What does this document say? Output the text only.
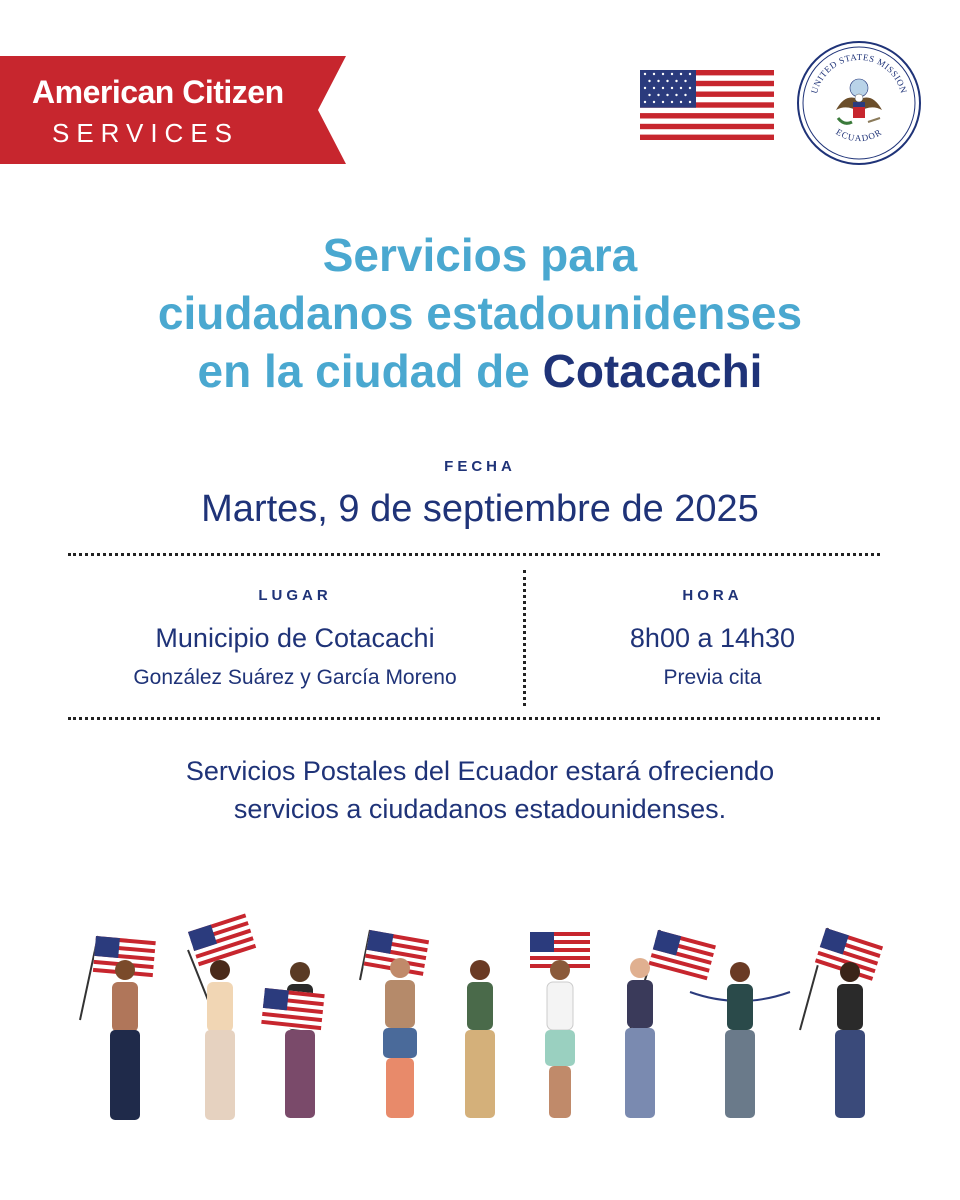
American Citizen
SERVICES
UNITED STATES MISSION
ECUADOR
Servicios para
ciudadanos estadounidenses
en la ciudad de Cotacachi
FECHA
Martes, 9 de septiembre de 2025
LUGAR
Municipio de Cotacachi
González Suárez y García Moreno
HORA
8h00 a 14h30
Previa cita
Servicios Postales del Ecuador estará ofreciendo
servicios a ciudadanos estadounidenses.
